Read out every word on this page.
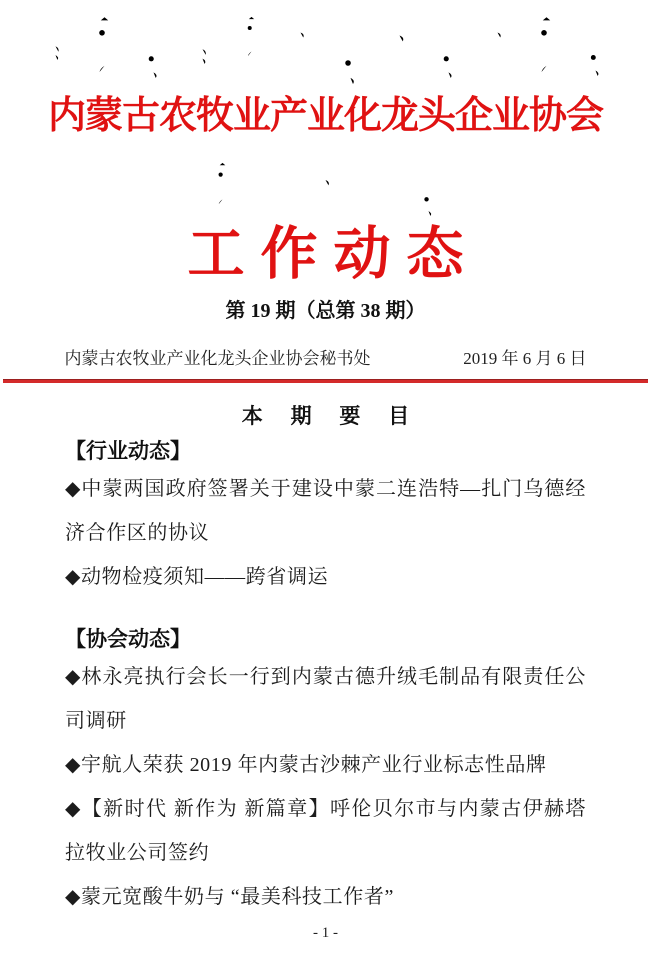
内蒙古农牧业产业化龙头企业协会
工作动态
第 19 期（总第 38 期）
内蒙古农牧业产业化龙头企业协会秘书处	2019 年 6 月 6 日
本 期 要 目
【行业动态】

◆中蒙两国政府签署关于建设中蒙二连浩特—扎门乌德经济合作区的协议

◆动物检疫须知——跨省调运

【协会动态】

◆林永亮执行会长一行到内蒙古德升绒毛制品有限责任公司调研

◆宇航人荣获 2019 年内蒙古沙棘产业行业标志性品牌

◆【新时代 新作为 新篇章】呼伦贝尔市与内蒙古伊赫塔拉牧业公司签约

◆蒙元宽酸牛奶与 “最美科技工作者”

- 1 -
